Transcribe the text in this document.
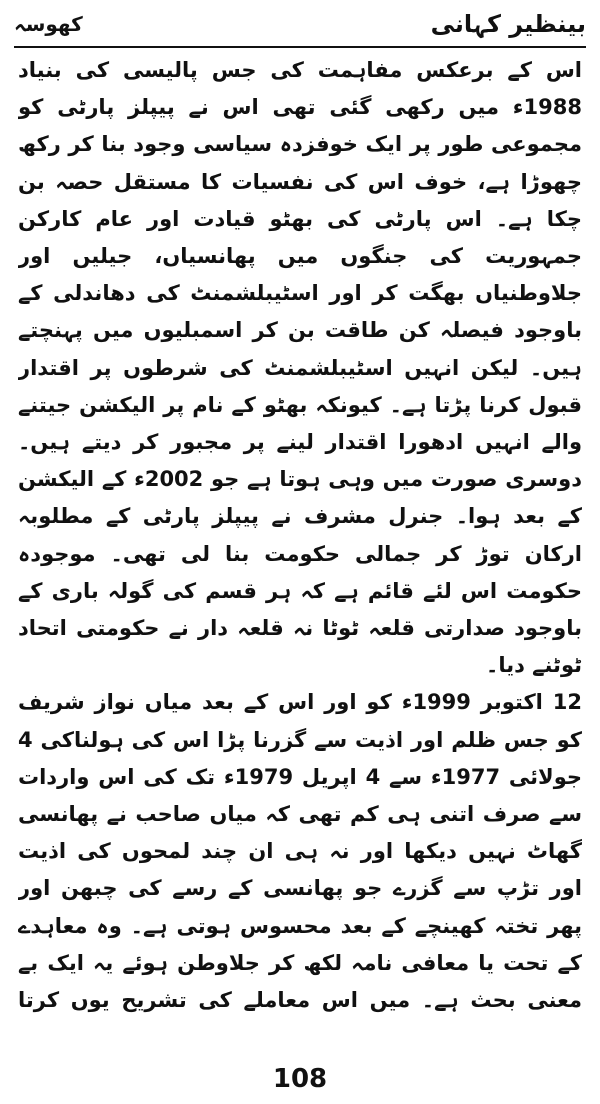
کھوسہ	بینظیر کہانی

اس کے برعکس مفاہمت کی جس پالیسی کی بنیاد 1988ء میں رکھی گئی تھی اس نے پیپلز پارٹی کو مجموعی طور پر ایک خوفزدہ سیاسی وجود بنا کر رکھ چھوڑا ہے، خوف اس کی نفسیات کا مستقل حصہ بن چکا ہے۔ اس پارٹی کی بھٹو قیادت اور عام کارکن جمہوریت کی جنگوں میں پھانسیاں، جیلیں اور جلاوطنیاں بھگت کر اور اسٹیبلشمنٹ کی دھاندلی کے باوجود فیصلہ کن طاقت بن کر اسمبلیوں میں پہنچتے ہیں۔ لیکن انہیں اسٹیبلشمنٹ کی شرطوں پر اقتدار قبول کرنا پڑتا ہے۔ کیونکہ بھٹو کے نام پر الیکشن جیتنے والے انہیں ادھورا اقتدار لینے پر مجبور کر دیتے ہیں۔ دوسری صورت میں وہی ہوتا ہے جو 2002ء کے الیکشن کے بعد ہوا۔ جنرل مشرف نے پیپلز پارٹی کے مطلوبہ ارکان توڑ کر جمالی حکومت بنا لی تھی۔ موجودہ حکومت اس لئے قائم ہے کہ ہر قسم کی گولہ باری کے باوجود صدارتی قلعہ ٹوٹا نہ قلعہ دار نے حکومتی اتحاد ٹوٹنے دیا۔

12 اکتوبر 1999ء کو اور اس کے بعد میاں نواز شریف کو جس ظلم اور اذیت سے گزرنا پڑا اس کی ہولناکی 4 جولائی 1977ء سے 4 اپریل 1979ء تک کی اس واردات سے صرف اتنی ہی کم تھی کہ میاں صاحب نے پھانسی گھاٹ نہیں دیکھا اور نہ ہی ان چند لمحوں کی اذیت اور تڑپ سے گزرے جو پھانسی کے رسے کی چبھن اور پھر تختہ کھینچے کے بعد محسوس ہوتی ہے۔ وہ معاہدے کے تحت یا معافی نامہ لکھ کر جلاوطن ہوئے یہ ایک بے معنی بحث ہے۔ میں اس معاملے کی تشریح یوں کرتا

108
